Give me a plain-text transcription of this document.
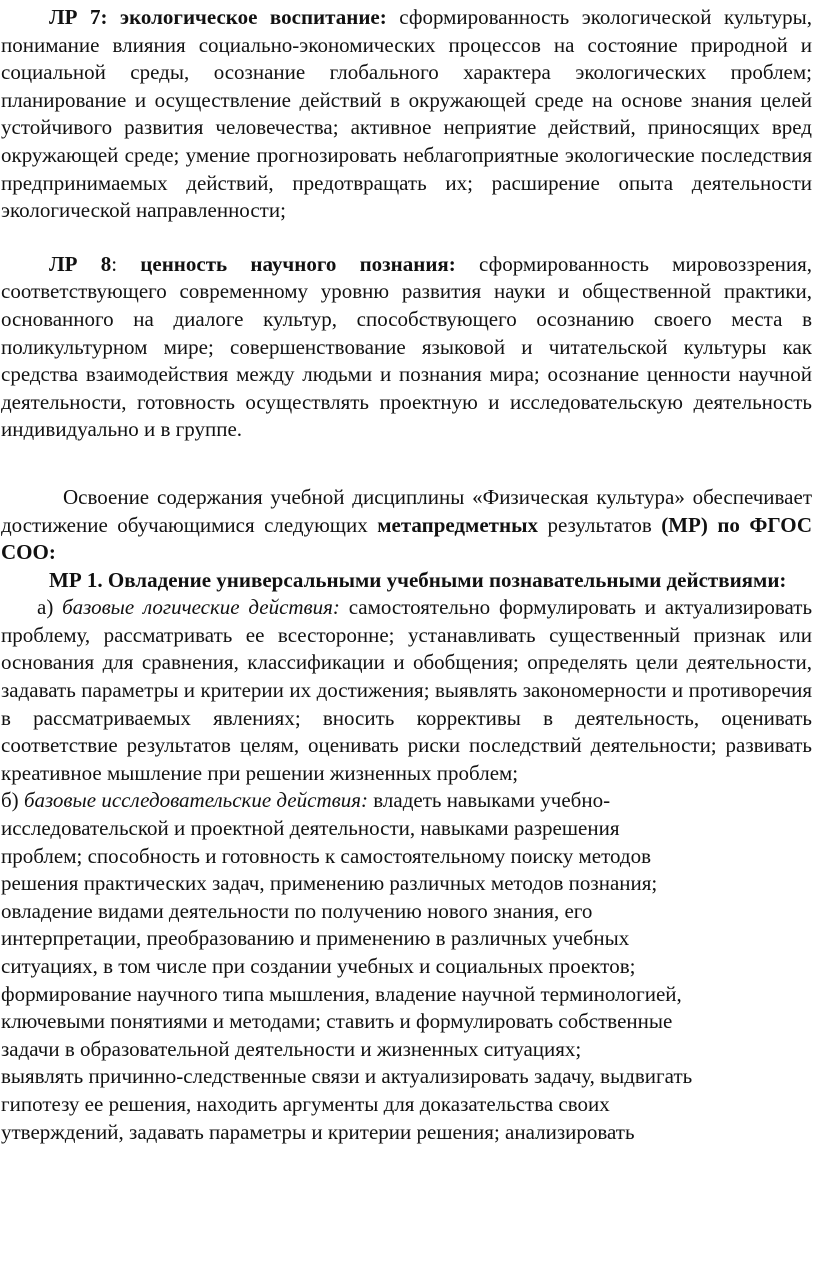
ЛР 7: экологическое воспитание: сформированность экологической культуры, понимание влияния социально-экономических процессов на состояние природной и социальной среды, осознание глобального характера экологических проблем; планирование и осуществление действий в окружающей среде на основе знания целей устойчивого развития человечества; активное неприятие действий, приносящих вред окружающей среде; умение прогнозировать неблагоприятные экологические последствия предпринимаемых действий, предотвращать их; расширение опыта деятельности экологической направленности;

ЛР 8: ценность научного познания: сформированность мировоззрения, соответствующего современному уровню развития науки и общественной практики, основанного на диалоге культур, способствующего осознанию своего места в поликультурном мире; совершенствование языковой и читательской культуры как средства взаимодействия между людьми и познания мира; осознание ценности научной деятельности, готовность осуществлять проектную и исследовательскую деятельность индивидуально и в группе.

Освоение содержания учебной дисциплины «Физическая культура» обеспечивает достижение обучающимися следующих метапредметных результатов (МР) по ФГОС СОО:

МР 1. Овладение универсальными учебными познавательными действиями:

а) базовые логические действия: самостоятельно формулировать и актуализировать проблему, рассматривать ее всесторонне; устанавливать существенный признак или основания для сравнения, классификации и обобщения; определять цели деятельности, задавать параметры и критерии их достижения; выявлять закономерности и противоречия в рассматриваемых явлениях; вносить коррективы в деятельность, оценивать соответствие результатов целям, оценивать риски последствий деятельности; развивать креативное мышление при решении жизненных проблем;

б) базовые исследовательские действия: владеть навыками учебно-
исследовательской и проектной деятельности, навыками разрешения
проблем; способность и готовность к самостоятельному поиску методов
решения практических задач, применению различных методов познания;
овладение видами деятельности по получению нового знания, его
интерпретации, преобразованию и применению в различных учебных
ситуациях, в том числе при создании учебных и социальных проектов;
формирование научного типа мышления, владение научной терминологией,
ключевыми понятиями и методами; ставить и формулировать собственные
задачи в образовательной деятельности и жизненных ситуациях;
выявлять причинно-следственные связи и актуализировать задачу, выдвигать
гипотезу ее решения, находить аргументы для доказательства своих
утверждений, задавать параметры и критерии решения; анализировать
